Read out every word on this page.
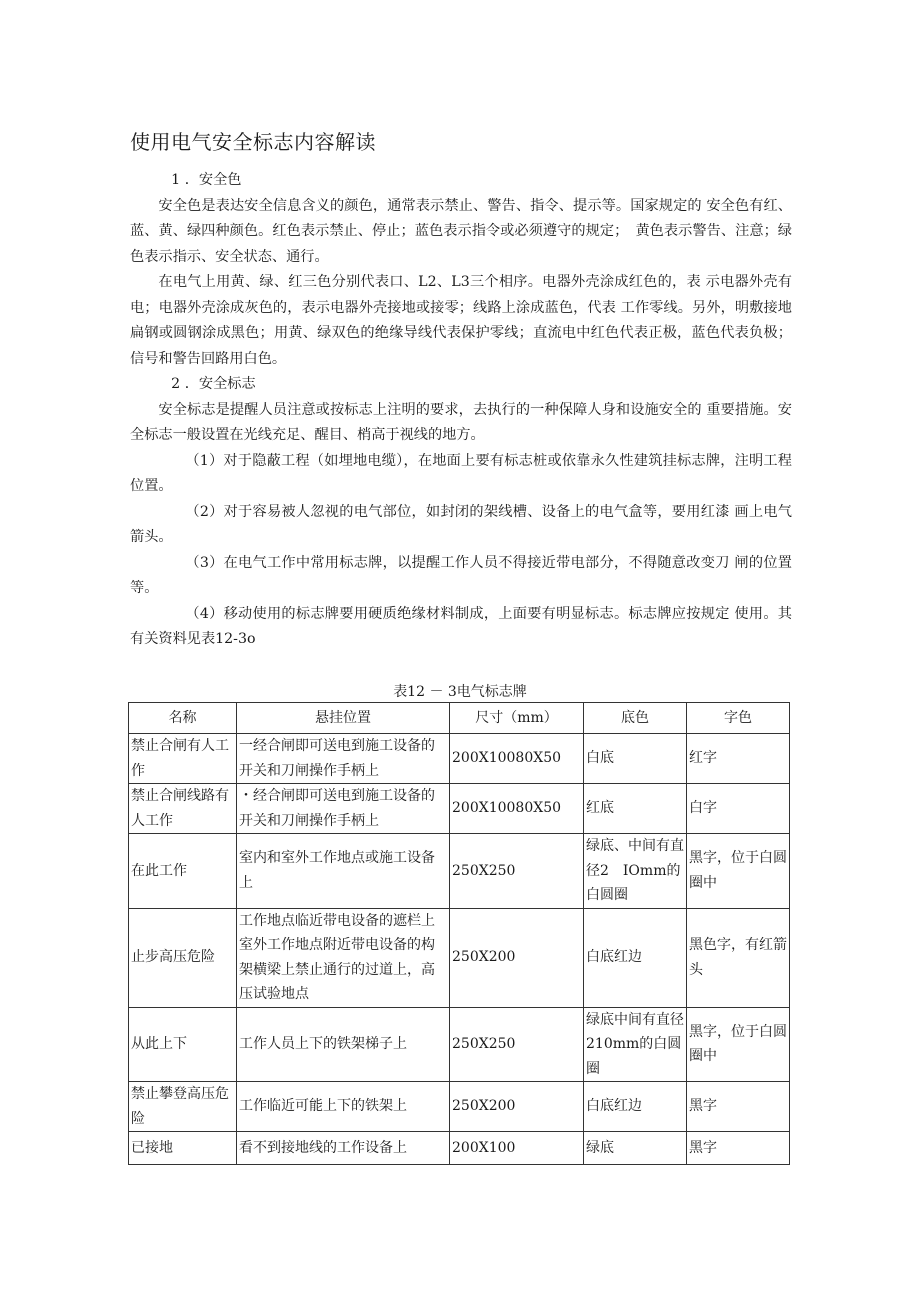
使用电气安全标志内容解读

1 ．安全色

安全色是表达安全信息含义的颜色，通常表示禁止、警告、指令、提示等。国家规定的 安全色有红、蓝、黄、绿四种颜色。红色表示禁止、停止；蓝色表示指令或必须遵守的规定；　黄色表示警告、注意；绿色表示指示、安全状态、通行。

在电气上用黄、绿、红三色分别代表口、L2、L3三个相序。电器外壳涂成红色的，表 示电器外壳有电；电器外壳涂成灰色的，表示电器外壳接地或接零；线路上涂成蓝色，代表 工作零线。另外，明敷接地扁钢或圆钢涂成黑色；用黄、绿双色的绝缘导线代表保护零线；直流电中红色代表正极，蓝色代表负极；信号和警告回路用白色。

2 ．安全标志

安全标志是提醒人员注意或按标志上注明的要求，去执行的一种保障人身和设施安全的 重要措施。安全标志一般设置在光线充足、醒目、梢高于视线的地方。

（1）对于隐蔽工程（如埋地电缆），在地面上要有标志桩或依靠永久性建筑挂标志牌，注明工程位置。

（2）对于容易被人忽视的电气部位，如封闭的架线槽、设备上的电气盒等，要用红漆 画上电气箭头。

（3）在电气工作中常用标志牌，以提醒工作人员不得接近带电部分，不得随意改变刀 闸的位置等。

（4）移动使用的标志牌要用硬质绝缘材料制成，上面要有明显标志。标志牌应按规定 使用。其有关资料见表12-3o

表12 － 3电气标志牌
名称	悬挂位置	尺寸（mm）	底色	字色
禁止合闸有人工作	一经合闸即可送电到施工设备的开关和刀闸操作手柄上	200X10080X50	白底	红字
禁止合闸线路有人工作	・经合闸即可送电到施工设备的开关和刀闸操作手柄上	200X10080X50	红底	白字
在此工作	室内和室外工作地点或施工设备上	250X250	绿底、中间有直径2　IOmm的白圆圈	黑字，位于白圆圈中
止步高压危险	工作地点临近带电设备的遮栏上室外工作地点附近带电设备的构架横梁上禁止通行的过道上，高压试验地点	250X200	白底红边	黑色字，有红箭头
从此上下	工作人员上下的铁架梯子上	250X250	绿底中间有直径210mm的白圆圈	黑字，位于白圆圈中
禁止攀登高压危险	工作临近可能上下的铁架上	250X200	白底红边	黑字
已接地	看不到接地线的工作设备上	200X100	绿底	黑字
